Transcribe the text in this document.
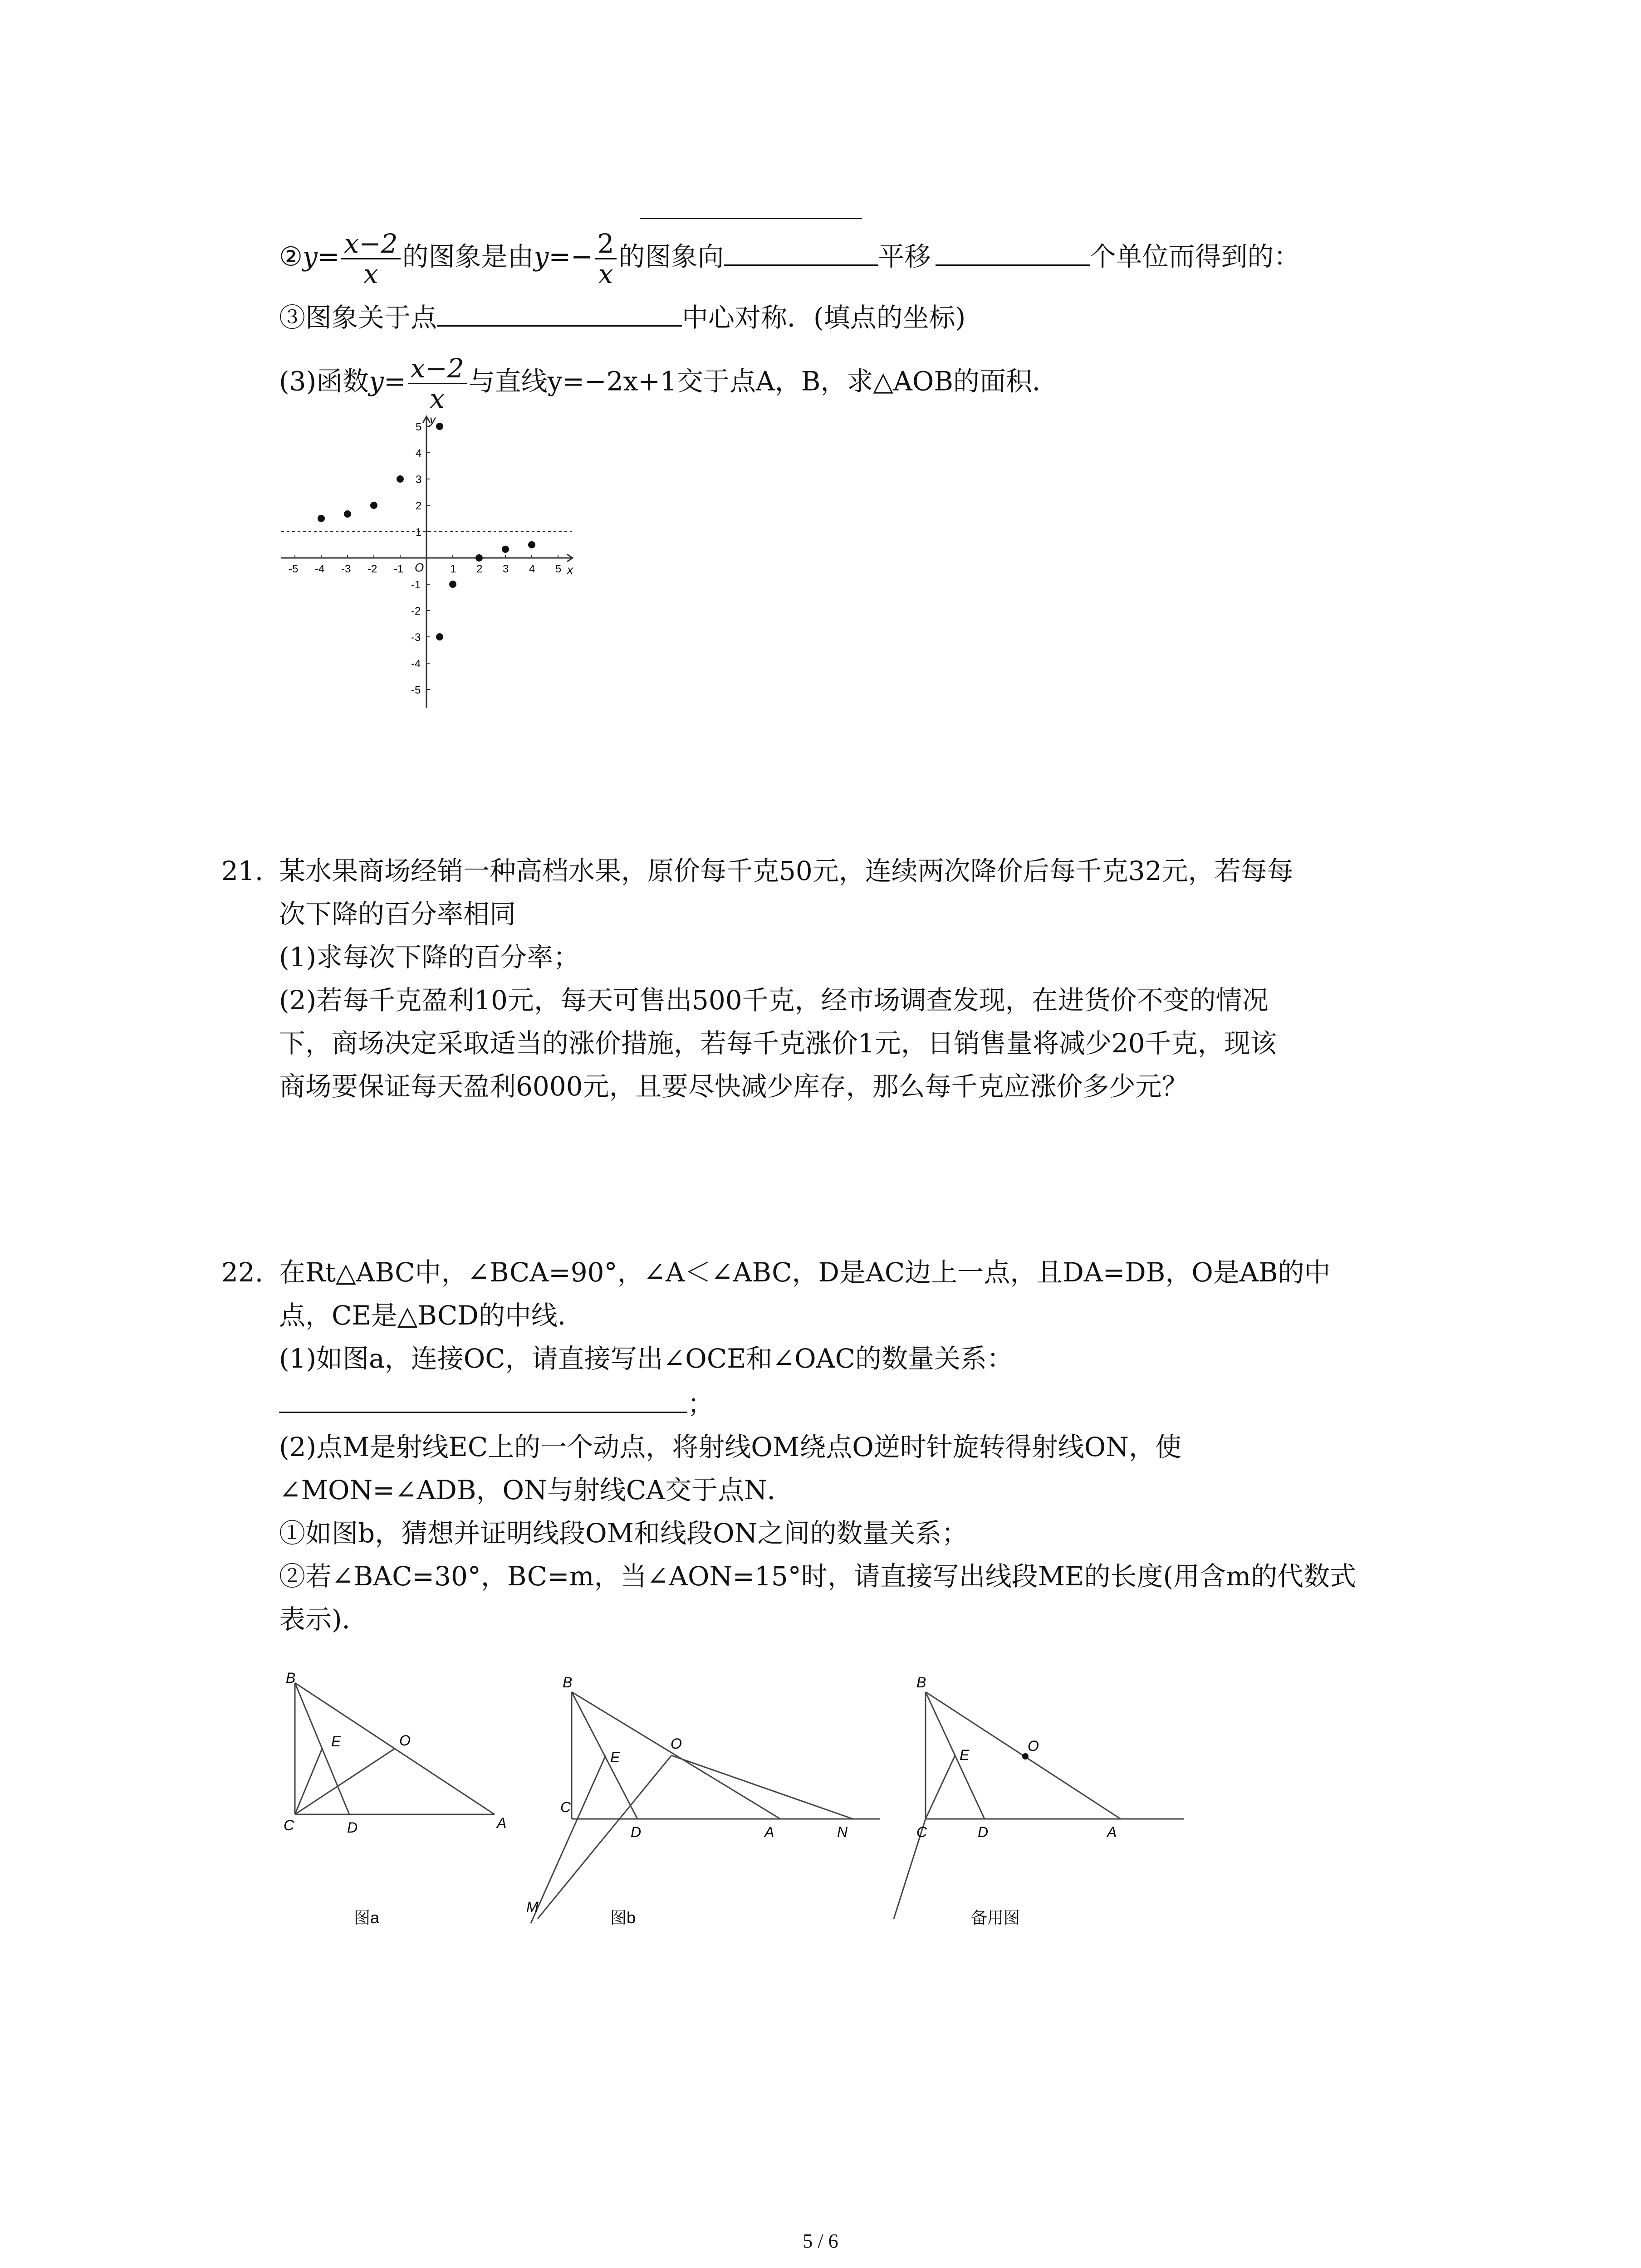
②y= $\frac{x-2}{x}$ 的图象是由$y=- \frac{2}{x}$ 的图象向	平移	个单位而得到的：
③图象关于点	中心对称．(填点的坐标)
(3)函数$y= \frac{x-2}{x}$ 与直线y=−2x+1交于点A，B，求△AOB的面积．
-5 -4 -3 -2 -1	1 2 3 4 5
5
4
3
2
1
-1
-2
-3
-4
-5
y
x
O
21. 某水果商场经销一种高档水果，原价每千克50元，连续两次降价后每千克32元，若每每
次下降的百分率相同
(1)求每次下降的百分率；
(2)若每千克盈利10元，每天可售出500千克，经市场调查发现，在进货价不变的情况
下，商场决定采取适当的涨价措施，若每千克涨价1元，日销售量将减少20千克，现该
商场要保证每天盈利6000元，且要尽快减少库存，那么每千克应涨价多少元？
22. 在Rt△ABC中，∠BCA=90°，∠A＜∠ABC，D是AC边上一点，且DA=DB，O是AB的中
点，CE是△BCD的中线．
(1)如图a，连接OC，请直接写出∠OCE和∠OAC的数量关系：
；
(2)点M是射线EC上的一个动点，将射线OM绕点O逆时针旋转得射线ON，使
∠MON=∠ADB，ON与射线CA交于点N．
①如图b，猜想并证明线段OM和线段ON之间的数量关系；
②若∠BAC=30°，BC=m，当∠AON=15°时，请直接写出线段ME的长度(用含m的代数式
表示)．
B
E	O
C	D	A
图a
B
E
O
C
D	A	N
M
图b
B
E
O
C	D	A
备用图
5 / 6
